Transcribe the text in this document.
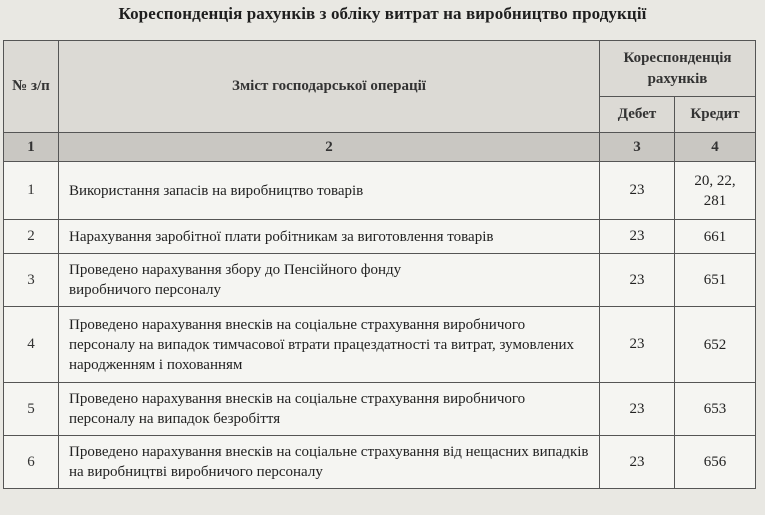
Кореспонденція рахунків з обліку витрат на виробництво продукції
№ з/п	Зміст господарської операції	Кореспонденція рахунків	
		Дебет	Кредит
1	2	3	4
1	Використання запасів на виробництво товарів	23	20, 22, 281

2	Нарахування заробітної плати робітникам за виготовлення товарів	23	661
3	Проведено нарахування збору до Пенсійного фонду виробничого персоналу	23	651
4	Проведено нарахування внесків на соціальне страхування виробничого персоналу на випадок тимчасової втрати працездатності та витрат, зумовлених народженням і похованням	23	652
5	Проведено нарахування внесків на соціальне страхування виробничого персоналу на випадок безробіття	23	653
6	Проведено нарахування внесків на соціальне страхування від нещасних випадків на виробництві виробничого персоналу	23	656
